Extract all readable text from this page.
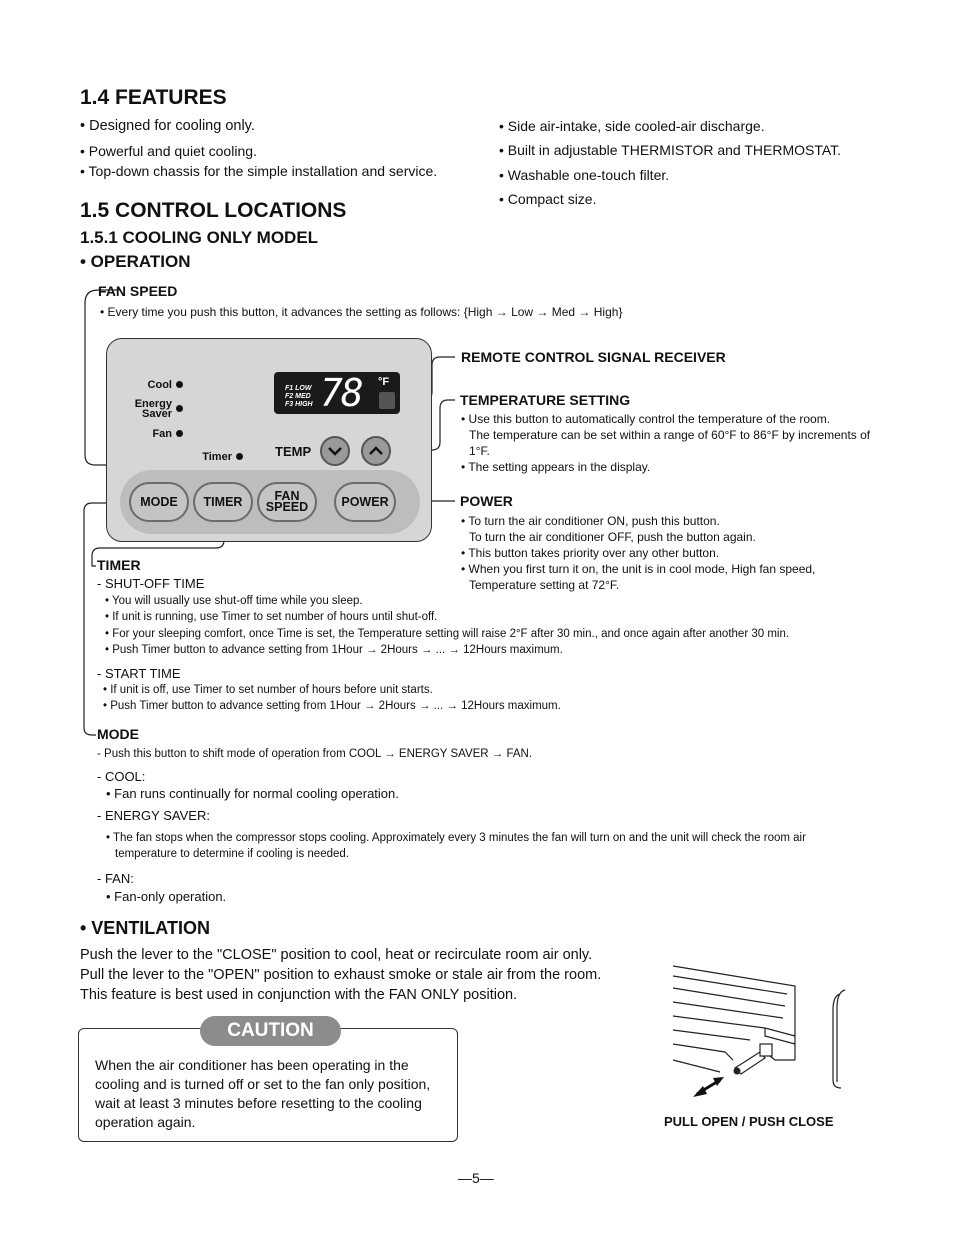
1.4 FEATURES
• Designed for cooling only.
• Powerful and quiet cooling.
• Top-down chassis for the simple installation and service.
• Side air-intake, side cooled-air discharge.
• Built in adjustable THERMISTOR and THERMOSTAT.
• Washable one-touch filter.
• Compact size.
1.5 CONTROL LOCATIONS
1.5.1 COOLING ONLY MODEL
• OPERATION
FAN SPEED
• Every time you push this button, it advances the setting as follows: {High → Low → Med → High}
Cool
Energy
Saver
Fan
Timer
F1 LOW
F2 MED
F3 HIGH 78 °F
TEMP
MODE	TIMER	FAN
SPEED	POWER
REMOTE CONTROL SIGNAL RECEIVER
TEMPERATURE SETTING
• Use this button to automatically control the temperature of the room.
The temperature can be set within a range of 60°F to 86°F by increments of
1°F.
• The setting appears in the display.
POWER
• To turn the air conditioner ON, push this button.
To turn the air conditioner OFF, push the button again.
• This button takes priority over any other button.
• When you first turn it on, the unit is in cool mode, High fan speed,
Temperature setting at 72°F.
TIMER
- SHUT-OFF TIME
• You will usually use shut-off time while you sleep.
• If unit is running, use Timer to set number of hours until shut-off.
• For your sleeping comfort, once Time is set, the Temperature setting will raise 2°F after 30 min., and once again after another 30 min.
• Push Timer button to advance setting from 1Hour → 2Hours → ... → 12Hours maximum.
- START TIME
• If unit is off, use Timer to set number of hours before unit starts.
• Push Timer button to advance setting from 1Hour → 2Hours → ... → 12Hours maximum.
MODE
- Push this button to shift mode of operation from COOL → ENERGY SAVER → FAN.
- COOL:
• Fan runs continually for normal cooling operation.
- ENERGY SAVER:
• The fan stops when the compressor stops cooling. Approximately every 3 minutes the fan will turn on and the unit will check the room air
temperature to determine if cooling is needed.
- FAN:
• Fan-only operation.
• VENTILATION
Push the lever to the "CLOSE" position to cool, heat or recirculate room air only.
Pull the lever to the "OPEN" position to exhaust smoke or stale air from the room.
This feature is best used in conjunction with the FAN ONLY position.
CAUTION
When the air conditioner has been operating in the
cooling and is turned off or set to the fan only position,
wait at least 3 minutes before resetting to the cooling
operation again.	PULL OPEN / PUSH CLOSE
—5—
